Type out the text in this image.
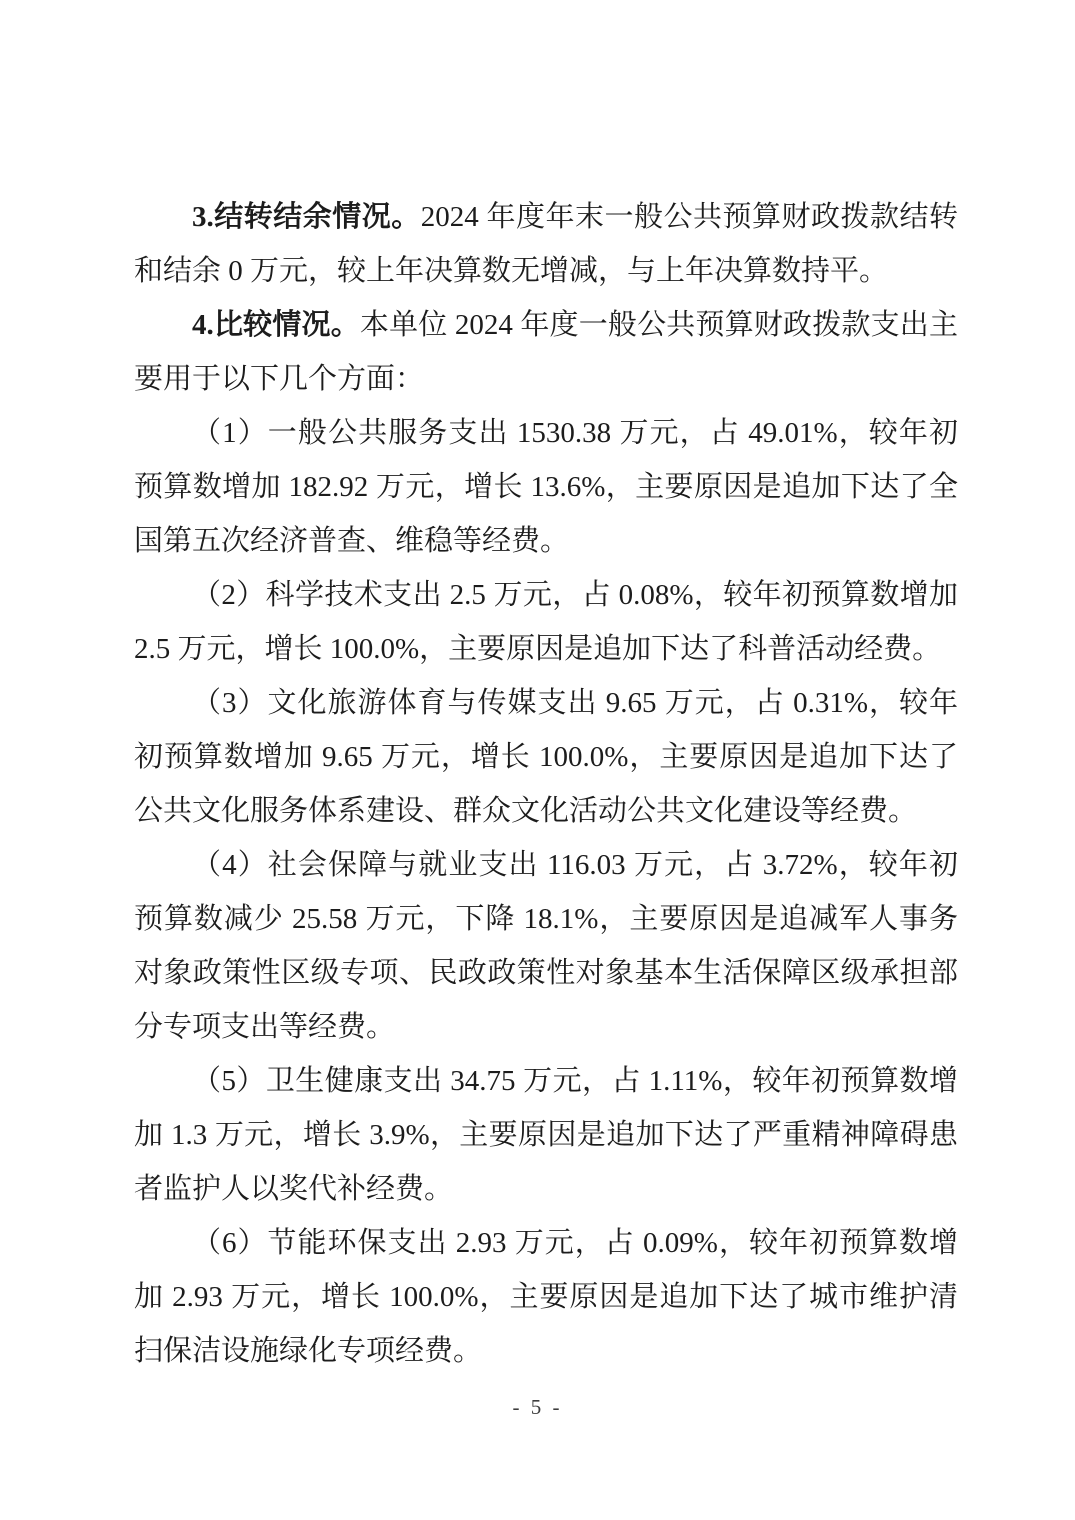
3.结转结余情况。2024 年度年末一般公共预算财政拨款结转和结余 0 万元，较上年决算数无增减，与上年决算数持平。

4.比较情况。本单位 2024 年度一般公共预算财政拨款支出主要用于以下几个方面：

（1）一般公共服务支出 1530.38 万元，占 49.01%，较年初预算数增加 182.92 万元，增长 13.6%，主要原因是追加下达了全国第五次经济普查、维稳等经费。

（2）科学技术支出 2.5 万元，占 0.08%，较年初预算数增加 2.5 万元，增长 100.0%，主要原因是追加下达了科普活动经费。

（3）文化旅游体育与传媒支出 9.65 万元，占 0.31%，较年初预算数增加 9.65 万元，增长 100.0%，主要原因是追加下达了公共文化服务体系建设、群众文化活动公共文化建设等经费。

（4）社会保障与就业支出 116.03 万元，占 3.72%，较年初预算数减少 25.58 万元，下降 18.1%，主要原因是追减军人事务对象政策性区级专项、民政政策性对象基本生活保障区级承担部分专项支出等经费。

（5）卫生健康支出 34.75 万元，占 1.11%，较年初预算数增加 1.3 万元，增长 3.9%，主要原因是追加下达了严重精神障碍患者监护人以奖代补经费。

（6）节能环保支出 2.93 万元，占 0.09%，较年初预算数增加 2.93 万元，增长 100.0%，主要原因是追加下达了城市维护清扫保洁设施绿化专项经费。

- 5 -
